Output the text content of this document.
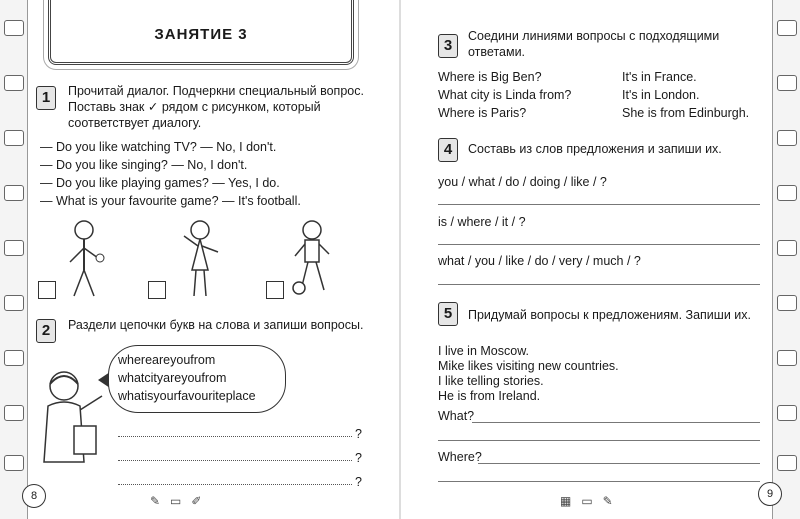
ЗАНЯТИЕ 3
1	Прочитай диалог. Подчеркни специальный вопрос. Поставь знак ✓ рядом с рисунком, который соответствует диалогу.
— Do you like watching TV? — No, I don't.
— Do you like singing? — No, I don't.
— Do you like playing games? — Yes, I do.
— What is your favourite game? — It's football.
2	Раздели цепочки букв на слова и запиши вопросы.
whereareyoufrom
whatcityareyoufrom
whatisyourfavouriteplace
?
?
?
8	✎   ▭   ✐
3
Соедини линиями вопросы с подходящими ответами.
Where is Big Ben?
What city is Linda from?
Where is Paris?
It's in France.
It's in London.
She is from Edinburgh.
4	Составь из слов предложения и запиши их.
you / what / do / doing / like / ?
is / where / it / ?
what / you / like / do / very / much / ?
5	Придумай вопросы к предложениям. Запиши их.
I live in Moscow.
Mike likes visiting new countries.
I like telling stories.
He is from Ireland.
What?
Where?
▦   ▭   ✎	9
